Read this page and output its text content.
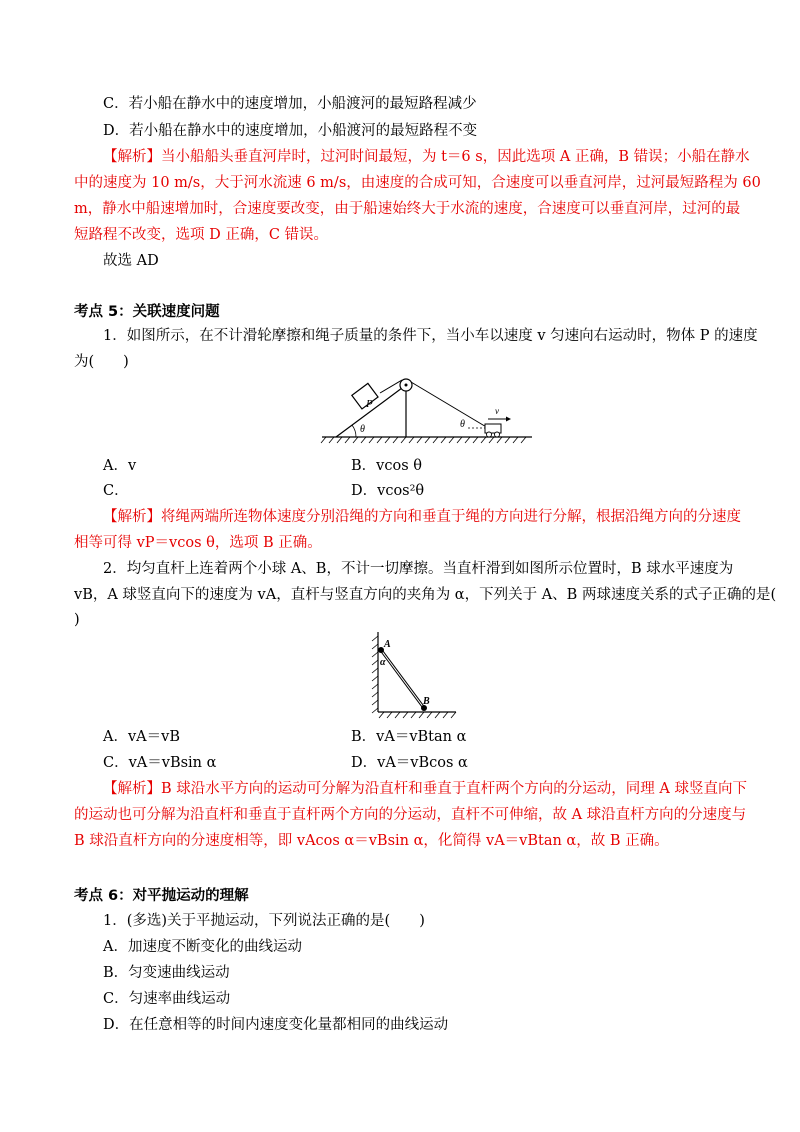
C．若小船在静水中的速度增加，小船渡河的最短路程减少
D．若小船在静水中的速度增加，小船渡河的最短路程不变
【解析】当小船船头垂直河岸时，过河时间最短，为 t＝6 s，因此选项 A 正确，B 错误；小船在静水
中的速度为 10 m/s，大于河水流速 6 m/s，由速度的合成可知，合速度可以垂直河岸，过河最短路程为 60
m，静水中船速增加时，合速度要改变，由于船速始终大于水流的速度，合速度可以垂直河岸，过河的最
短路程不改变，选项 D 正确，C 错误。
故选 AD
考点 5：关联速度问题
1．如图所示，在不计滑轮摩擦和绳子质量的条件下，当小车以速度 v 匀速向右运动时，物体 P 的速度
为(　　)
P
θ	θ
v
A．v	B．vcos θ
C．	D．vcos²θ
【解析】将绳两端所连物体速度分别沿绳的方向和垂直于绳的方向进行分解，根据沿绳方向的分速度
相等可得 vP＝vcos θ，选项 B 正确。
2．均匀直杆上连着两个小球 A、B，不计一切摩擦。当直杆滑到如图所示位置时，B 球水平速度为
vB，A 球竖直向下的速度为 vA，直杆与竖直方向的夹角为 α，下列关于 A、B 两球速度关系的式子正确的是(
)
A
α
B
A．vA＝vB	B．vA＝vBtan α
C．vA＝vBsin α	D．vA＝vBcos α
【解析】B 球沿水平方向的运动可分解为沿直杆和垂直于直杆两个方向的分运动，同理 A 球竖直向下
的运动也可分解为沿直杆和垂直于直杆两个方向的分运动，直杆不可伸缩，故 A 球沿直杆方向的分速度与
B 球沿直杆方向的分速度相等，即 vAcos α＝vBsin α，化简得 vA＝vBtan α，故 B 正确。
考点 6：对平抛运动的理解
1．(多选)关于平抛运动，下列说法正确的是(　　)
A．加速度不断变化的曲线运动
B．匀变速曲线运动
C．匀速率曲线运动
D．在任意相等的时间内速度变化量都相同的曲线运动
